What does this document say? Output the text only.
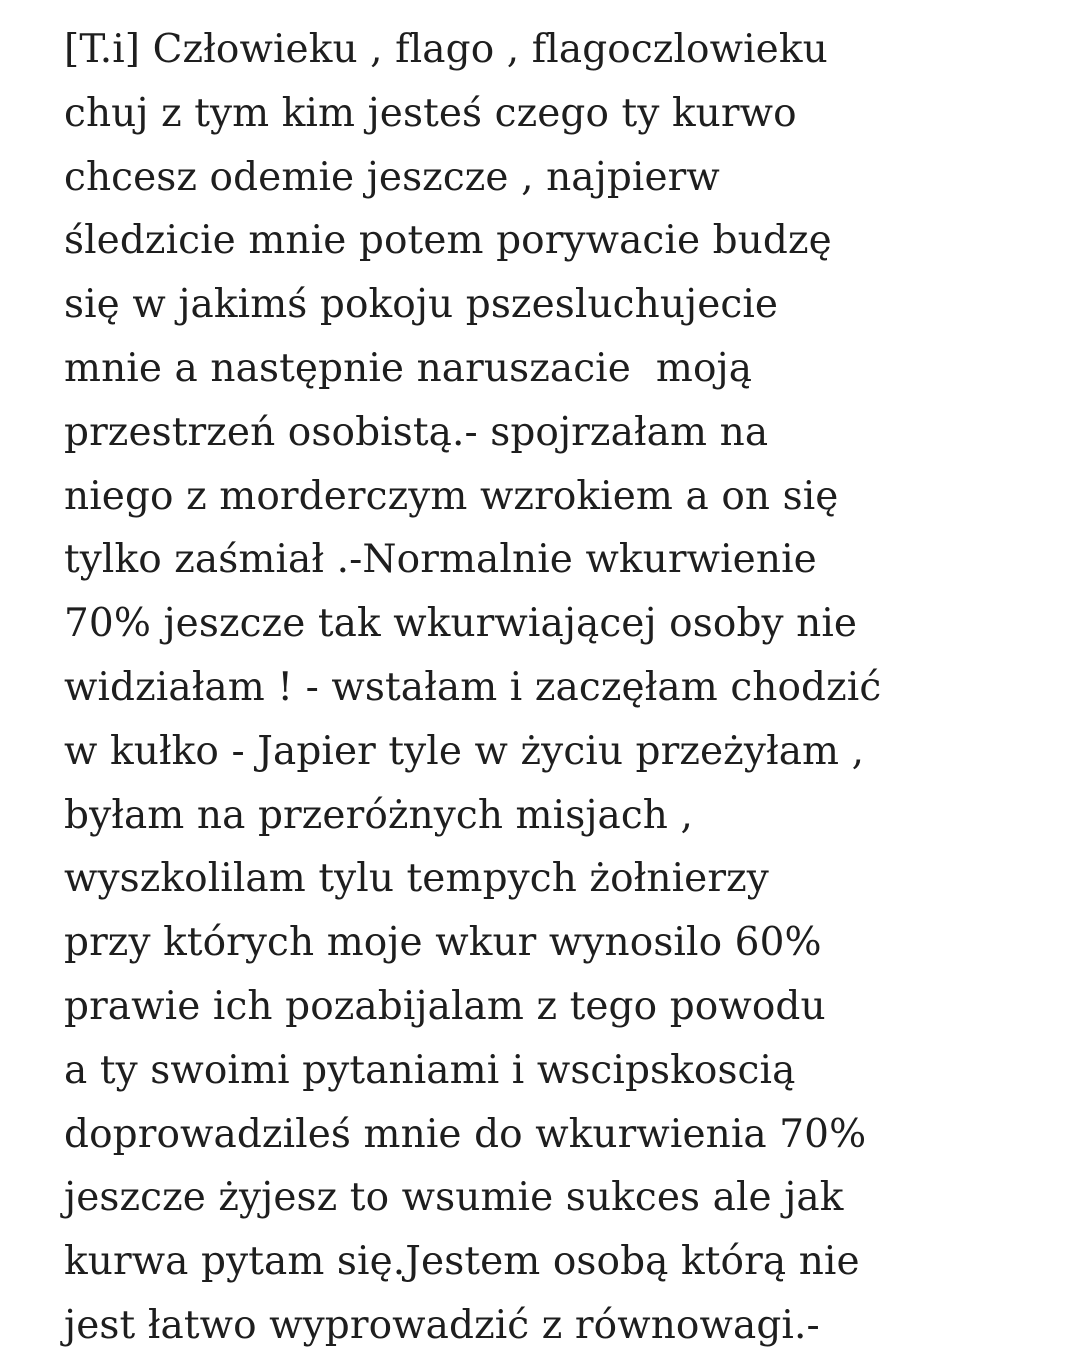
[T.i] Człowieku , flago , flagoczlowieku
chuj z tym kim jesteś czego ty kurwo
chcesz odemie jeszcze , najpierw
śledzicie mnie potem porywacie budzę
się w jakimś pokoju pszesluchujecie
mnie a następnie naruszacie  moją
przestrzeń osobistą.- spojrzałam na
niego z morderczym wzrokiem a on się
tylko zaśmiał .-Normalnie wkurwienie
70% jeszcze tak wkurwiającej osoby nie
widziałam ! - wstałam i zaczęłam chodzić
w kułko - Japier tyle w życiu przeżyłam ,
byłam na przeróżnych misjach ,
wyszkolilam tylu tempych żołnierzy
przy których moje wkur wynosilo 60%
prawie ich pozabijalam z tego powodu
a ty swoimi pytaniami i wscipskoscią
doprowadzileś mnie do wkurwienia 70%
jeszcze żyjesz to wsumie sukces ale jak
kurwa pytam się.Jestem osobą którą nie
jest łatwo wyprowadzić z równowagi.-
